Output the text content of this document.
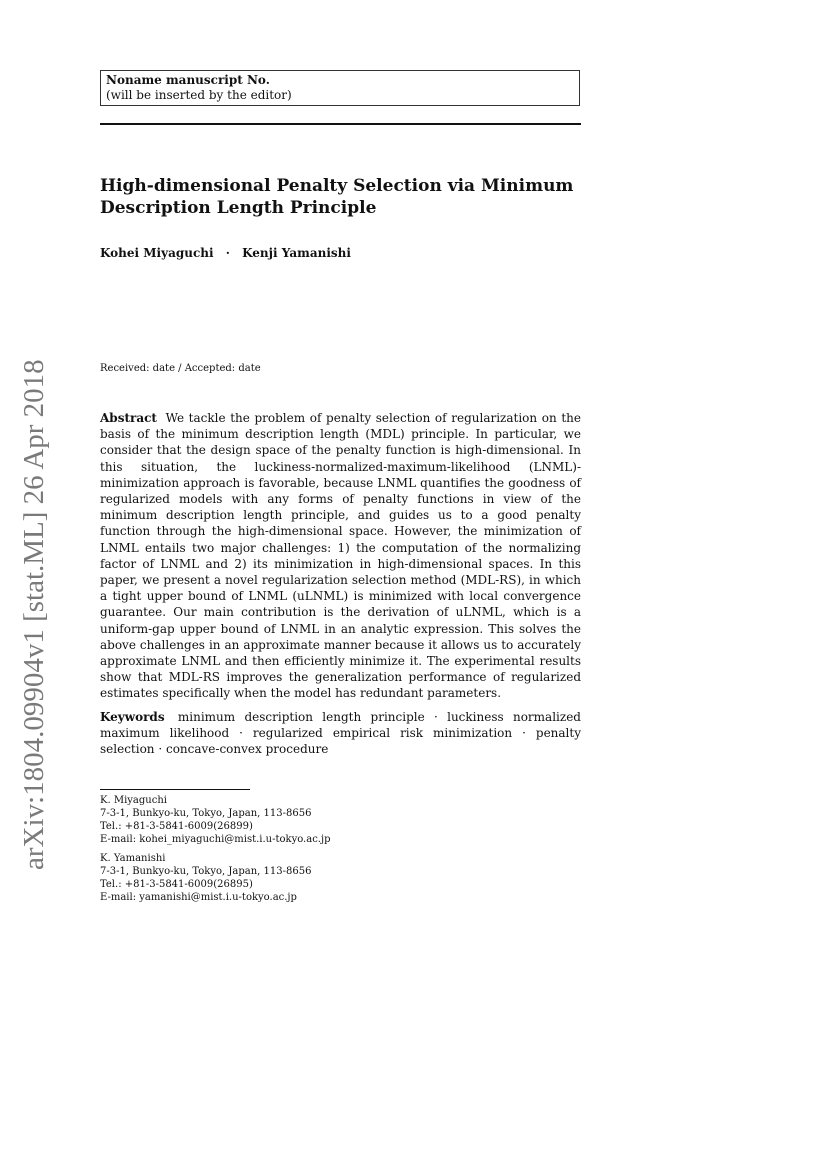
Noname manuscript No.
(will be inserted by the editor)
High-dimensional Penalty Selection via Minimum
Description Length Principle
Kohei Miyaguchi · Kenji Yamanishi
Received: date / Accepted: date

Abstract We tackle the problem of penalty selection of regularization on the basis of the minimum description length (MDL) principle. In particular, we consider that the design space of the penalty function is high-dimensional. In this situation, the luckiness-normalized-maximum-likelihood (LNML)-minimization approach is favorable, because LNML quantifies the goodness of regularized models with any forms of penalty functions in view of the minimum description length principle, and guides us to a good penalty function through the high-dimensional space. However, the minimization of LNML entails two major challenges: 1) the computation of the normalizing factor of LNML and 2) its minimization in high-dimensional spaces. In this paper, we present a novel regularization selection method (MDL-RS), in which a tight upper bound of LNML (uLNML) is minimized with local convergence guarantee. Our main contribution is the derivation of uLNML, which is a uniform-gap upper bound of LNML in an analytic expression. This solves the above challenges in an approximate manner because it allows us to accurately approximate LNML and then efficiently minimize it. The experimental results show that MDL-RS improves the generalization performance of regularized estimates specifically when the model has redundant parameters.

Keywords minimum description length principle · luckiness normalized maximum likelihood · regularized empirical risk minimization · penalty selection · concave-convex procedure

K. Miyaguchi
7-3-1, Bunkyo-ku, Tokyo, Japan, 113-8656
Tel.: +81-3-5841-6009(26899)
E-mail: kohei_miyaguchi@mist.i.u-tokyo.ac.jp
K. Yamanishi
7-3-1, Bunkyo-ku, Tokyo, Japan, 113-8656
Tel.: +81-3-5841-6009(26895)
E-mail: yamanishi@mist.i.u-tokyo.ac.jp
arXiv:1804.09904v1 [stat.ML] 26 Apr 2018
